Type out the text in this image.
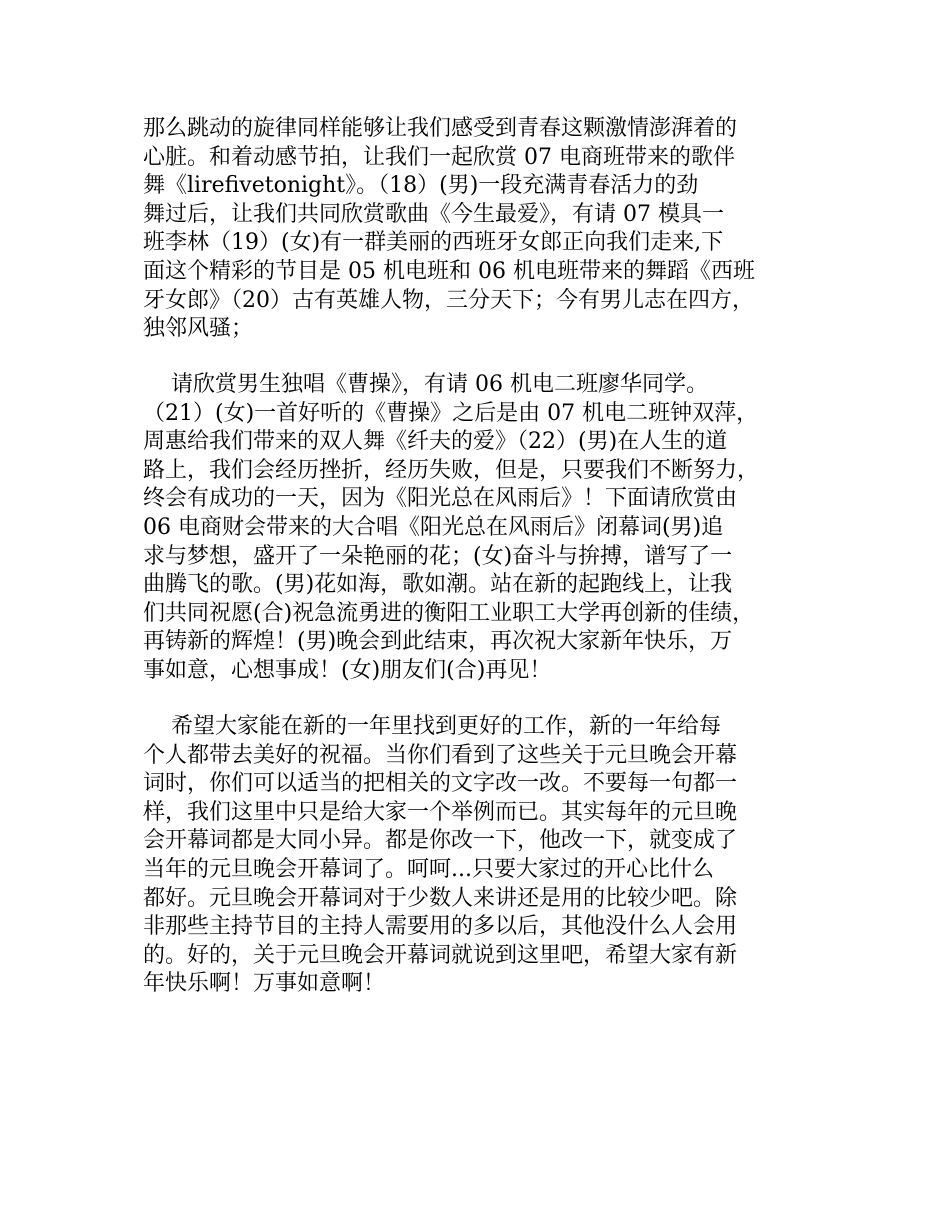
那么跳动的旋律同样能够让我们感受到青春这颗激情澎湃着的
心脏。和着动感节拍，让我们一起欣赏 07 电商班带来的歌伴
舞《lirefivetonight》。（18）(男)一段充满青春活力的劲
舞过后，让我们共同欣赏歌曲《今生最爱》，有请 07 模具一
班李林（19）(女)有一群美丽的西班牙女郎正向我们走来,下
面这个精彩的节目是 05 机电班和 06 机电班带来的舞蹈《西班
牙女郎》（20）古有英雄人物，三分天下；今有男儿志在四方，
独邻风骚；
请欣赏男生独唱《曹操》，有请 06 机电二班廖华同学。
（21）(女)一首好听的《曹操》之后是由 07 机电二班钟双萍，
周惠给我们带来的双人舞《纤夫的爱》（22）(男)在人生的道
路上，我们会经历挫折，经历失败，但是，只要我们不断努力，
终会有成功的一天，因为《阳光总在风雨后》！下面请欣赏由
06 电商财会带来的大合唱《阳光总在风雨后》闭幕词(男)追
求与梦想，盛开了一朵艳丽的花；(女)奋斗与拚搏，谱写了一
曲腾飞的歌。(男)花如海，歌如潮。站在新的起跑线上，让我
们共同祝愿(合)祝急流勇进的衡阳工业职工大学再创新的佳绩，
再铸新的辉煌！(男)晚会到此结束，再次祝大家新年快乐，万
事如意，心想事成！(女)朋友们(合)再见！
希望大家能在新的一年里找到更好的工作，新的一年给每
个人都带去美好的祝福。当你们看到了这些关于元旦晚会开幕
词时，你们可以适当的把相关的文字改一改。不要每一句都一
样，我们这里中只是给大家一个举例而已。其实每年的元旦晚
会开幕词都是大同小异。都是你改一下，他改一下，就变成了
当年的元旦晚会开幕词了。呵呵...只要大家过的开心比什么
都好。元旦晚会开幕词对于少数人来讲还是用的比较少吧。除
非那些主持节目的主持人需要用的多以后，其他没什么人会用
的。好的，关于元旦晚会开幕词就说到这里吧，希望大家有新
年快乐啊！万事如意啊！
